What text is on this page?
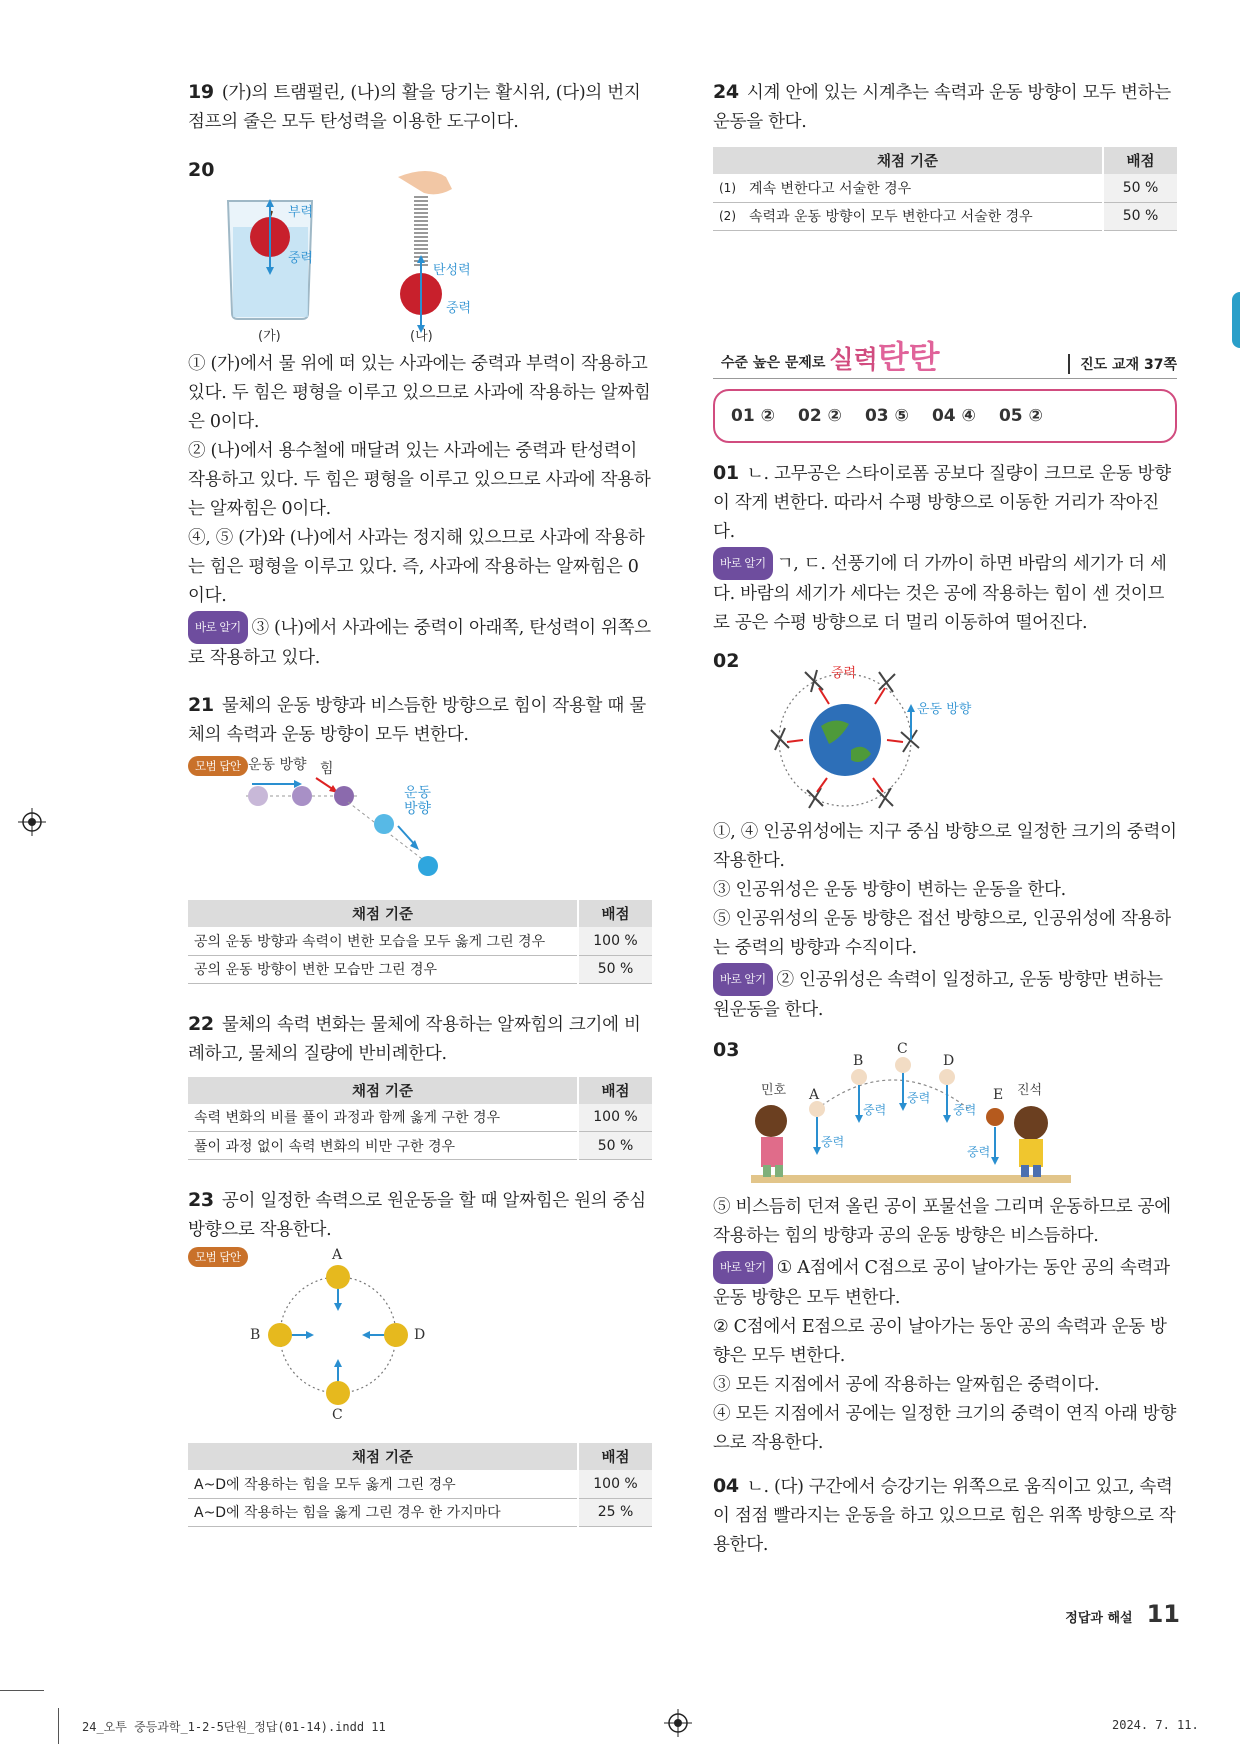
19 (가)의 트램펄린, (나)의 활을 당기는 활시위, (다)의 번지점프의 줄은 모두 탄성력을 이용한 도구이다.

20
부력
중력
탄성력
중력
(가)	(나)

① (가)에서 물 위에 떠 있는 사과에는 중력과 부력이 작용하고 있다. 두 힘은 평형을 이루고 있으므로 사과에 작용하는 알짜힘은 0이다.

② (나)에서 용수철에 매달려 있는 사과에는 중력과 탄성력이 작용하고 있다. 두 힘은 평형을 이루고 있으므로 사과에 작용하는 알짜힘은 0이다.

④, ⑤ (가)와 (나)에서 사과는 정지해 있으므로 사과에 작용하는 힘은 평형을 이루고 있다. 즉, 사과에 작용하는 알짜힘은 0이다.

바로 알기 ③ (나)에서 사과에는 중력이 아래쪽, 탄성력이 위쪽으로 작용하고 있다.

21 물체의 운동 방향과 비스듬한 방향으로 힘이 작용할 때 물체의 속력과 운동 방향이 모두 변한다.

모범 답안 운동 방향 힘
운동
방향
채점 기준	배점
공의 운동 방향과 속력이 변한 모습을 모두 옳게 그린 경우	100 %
공의 운동 방향이 변한 모습만 그린 경우	50 %

22 물체의 속력 변화는 물체에 작용하는 알짜힘의 크기에 비례하고, 물체의 질량에 반비례한다.

채점 기준	배점
속력 변화의 비를 풀이 과정과 함께 옳게 구한 경우	100 %
풀이 과정 없이 속력 변화의 비만 구한 경우	50 %

23 공이 일정한 속력으로 원운동을 할 때 알짜힘은 원의 중심 방향으로 작용한다.

모범 답안	A
B
C
D
채점 기준	배점
A~D에 작용하는 힘을 모두 옳게 그린 경우	100 %
A~D에 작용하는 힘을 옳게 그린 경우 한 가지마다	25 %

24 시계 안에 있는 시계추는 속력과 운동 방향이 모두 변하는 운동을 한다.

채점 기준		배점
(1)	계속 변한다고 서술한 경우	50 %
(2)	속력과 운동 방향이 모두 변한다고 서술한 경우	50 %
수준 높은 문제로 실력 탄탄	진도 교재 37쪽
01 ② 02 ② 03 ⑤ 04 ④ 05 ②

01 ㄴ. 고무공은 스타이로폼 공보다 질량이 크므로 운동 방향이 작게 변한다. 따라서 수평 방향으로 이동한 거리가 작아진다.

바로 알기 ㄱ, ㄷ. 선풍기에 더 가까이 하면 바람의 세기가 더 세다. 바람의 세기가 세다는 것은 공에 작용하는 힘이 센 것이므로 공은 수평 방향으로 더 멀리 이동하여 떨어진다.

02
중력
운동 방향

①, ④ 인공위성에는 지구 중심 방향으로 일정한 크기의 중력이 작용한다.

③ 인공위성은 운동 방향이 변하는 운동을 한다.

⑤ 인공위성의 운동 방향은 접선 방향으로, 인공위성에 작용하는 중력의 방향과 수직이다.

바로 알기 ② 인공위성은 속력이 일정하고, 운동 방향만 변하는 원운동을 한다.

03
A
B
C
D
E
민호	진석
중력
중력
중력
중력
중력

⑤ 비스듬히 던져 올린 공이 포물선을 그리며 운동하므로 공에 작용하는 힘의 방향과 공의 운동 방향은 비스듬하다.

바로 알기 ① A점에서 C점으로 공이 날아가는 동안 공의 속력과 운동 방향은 모두 변한다.

② C점에서 E점으로 공이 날아가는 동안 공의 속력과 운동 방향은 모두 변한다.

③ 모든 지점에서 공에 작용하는 알짜힘은 중력이다.

④ 모든 지점에서 공에는 일정한 크기의 중력이 연직 아래 방향으로 작용한다.

04 ㄴ. (다) 구간에서 승강기는 위쪽으로 움직이고 있고, 속력이 점점 빨라지는 운동을 하고 있으므로 힘은 위쪽 방향으로 작용한다.

정답과 해설 11
24_오투 중등과학_1-2-5단원_정답(01-14).indd 11	2024. 7. 11.
